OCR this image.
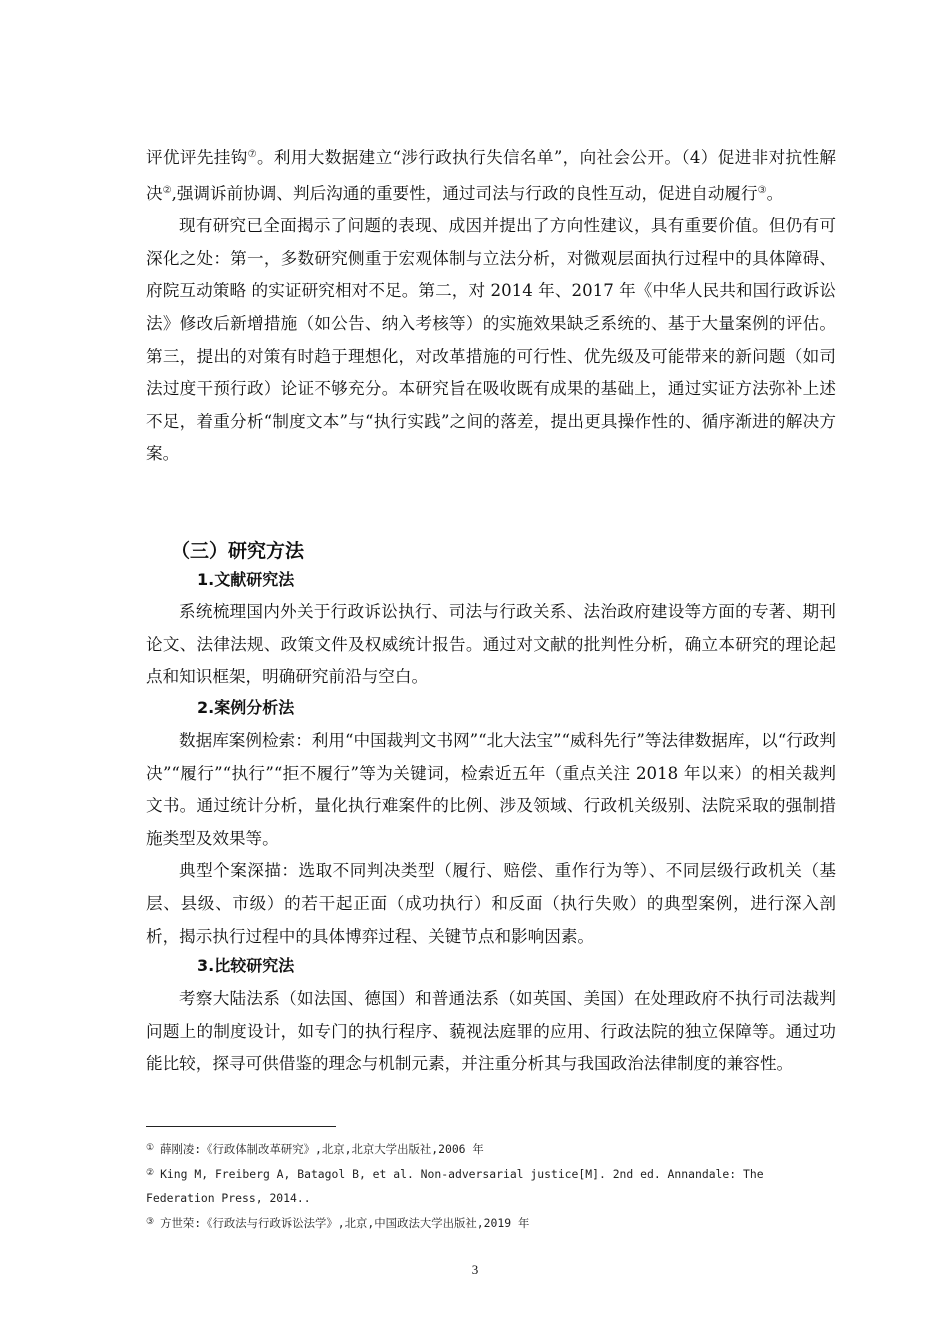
评优评先挂钩⑦。利用大数据建立“涉行政执行失信名单”，向社会公开。（4）促进非对抗性解决②,强调诉前协调、判后沟通的重要性，通过司法与行政的良性互动，促进自动履行③。

现有研究已全面揭示了问题的表现、成因并提出了方向性建议，具有重要价值。但仍有可深化之处：第一，多数研究侧重于宏观体制与立法分析，对微观层面执行过程中的具体障碍、府院互动策略 的实证研究相对不足。第二，对 2014 年、2017 年《中华人民共和国行政诉讼法》修改后新增措施（如公告、纳入考核等）的实施效果缺乏系统的、基于大量案例的评估。第三，提出的对策有时趋于理想化，对改革措施的可行性、优先级及可能带来的新问题（如司法过度干预行政）论证不够充分。本研究旨在吸收既有成果的基础上，通过实证方法弥补上述不足，着重分析“制度文本”与“执行实践”之间的落差，提出更具操作性的、循序渐进的解决方案。

（三）研究方法
1.文献研究法

系统梳理国内外关于行政诉讼执行、司法与行政关系、法治政府建设等方面的专著、期刊论文、法律法规、政策文件及权威统计报告。通过对文献的批判性分析，确立本研究的理论起点和知识框架，明确研究前沿与空白。

2.案例分析法

数据库案例检索：利用“中国裁判文书网”“北大法宝”“威科先行”等法律数据库，以“行政判决”“履行”“执行”“拒不履行”等为关键词，检索近五年（重点关注 2018 年以来）的相关裁判文书。通过统计分析，量化执行难案件的比例、涉及领域、行政机关级别、法院采取的强制措施类型及效果等。

典型个案深描：选取不同判决类型（履行、赔偿、重作行为等）、不同层级行政机关（基层、县级、市级）的若干起正面（成功执行）和反面（执行失败）的典型案例，进行深入剖析，揭示执行过程中的具体博弈过程、关键节点和影响因素。

3.比较研究法

考察大陆法系（如法国、德国）和普通法系（如英国、美国）在处理政府不执行司法裁判问题上的制度设计，如专门的执行程序、藐视法庭罪的应用、行政法院的独立保障等。通过功能比较，探寻可供借鉴的理念与机制元素，并注重分析其与我国政治法律制度的兼容性。

① 薛刚凌:《行政体制改革研究》,北京,北京大学出版社,2006 年

② King M, Freiberg A, Batagol B, et al. Non-adversarial justice[M]. 2nd ed. Annandale: The Federation Press, 2014..

③ 方世荣:《行政法与行政诉讼法学》,北京,中国政法大学出版社,2019 年

3
